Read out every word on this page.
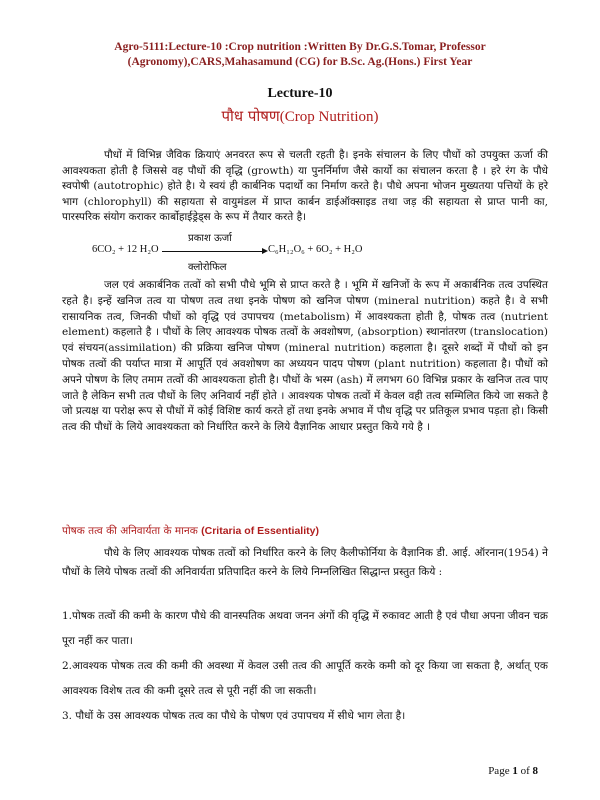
Agro-5111:Lecture-10 :Crop nutrition :Written By Dr.G.S.Tomar, Professor
(Agronomy),CARS,Mahasamund (CG) for B.Sc. Ag.(Hons.) First Year
Lecture-10
पौध पोषण(Crop Nutrition)

पौधों में विभिन्न जैविक क्रियाएं अनवरत रूप से चलती रहती है। इनके संचालन के लिए पौधों को उपयुक्त ऊर्जा की आवश्यकता होती है जिससे वह पौधों की वृद्धि (growth) या पुनर्निर्माण जैसे कार्यो का संचालन करता है । हरे रंग के पौधे स्वपोषी (autotrophic) होते है। ये स्वयं ही कार्बनिक पदार्थो का निर्माण करते है। पौधे अपना भोजन मुख्यतया पत्तियों के हरे भाग (chlorophyll) की सहायता से वायुमंडल में प्राप्त कार्बन डाईऑक्साइड तथा जड़ की सहायता से प्राप्त पानी का, पारस्परिक संयोग कराकर कार्बोहाईड्रेड्स के रूप में तैयार करते है।

प्रकाश ऊर्जा
6CO₂ + 12 H₂O	C₆H₁₂O₆ + 6O₂ + H₂O
क्लोरोफिल

जल एवं अकार्बनिक तत्वों को सभी पौधे भूमि से प्राप्त करते है । भूमि में खनिजों के रूप में अकार्बनिक तत्व उपस्थित रहते है। इन्हें खनिज तत्व या पोषण तत्व तथा इनके पोषण को खनिज पोषण (mineral nutrition) कहते है। वे सभी रासायनिक तत्व, जिनकी पौधों को वृद्धि एवं उपापचय (metabolism) में आवश्यकता होती है, पोषक तत्व (nutrient element) कहलाते है । पौधों के लिए आवश्यक पोषक तत्वों के अवशोषण, (absorption) स्थानांतरण (translocation) एवं संचयन(assimilation) की प्रक्रिया खनिज पोषण (mineral nutrition) कहलाता है। दूसरे शब्दों में पौधों को इन पोषक तत्वों की पर्याप्त मात्रा में आपूर्ति एवं अवशोषण का अध्ययन पादप पोषण (plant nutrition) कहलाता है। पौधों को अपने पोषण के लिए तमाम तत्वों की आवश्यकता होती है। पौधों के भस्म (ash) में लगभग 60 विभिन्न प्रकार के खनिज तत्व पाए जाते है लेकिन सभी तत्व पौधों के लिए अनिवार्य नहीं होते । आवश्यक पोषक तत्वों में केवल वही तत्व सम्मिलित किये जा सकते है जो प्रत्यक्ष या परोक्ष रूप से पौधों में कोई विशिष्ट कार्य करते हों तथा इनके अभाव में पौध वृद्धि पर प्रतिकूल प्रभाव पड़ता हो। किसी तत्व की पौधों के लिये आवश्यकता को निर्धारित करने के लिये वैज्ञानिक आधार प्रस्तुत किये गये है ।

पोषक तत्व की अनिवार्यता के मानक (Critaria of Essentiality)

पौधे के लिए आवश्यक पोषक तत्वों को निर्धारित करने के लिए कैलीफोर्निया के वैज्ञानिक डी. आई. ऑरनान(1954) ने पौधों के लिये पोषक तत्वों की अनिवार्यता प्रतिपादित करने के लिये निम्नलिखित सिद्धान्त प्रस्तुत किये :

1.पोषक तत्वों की कमी के कारण पौधे की वानस्पतिक अथवा जनन अंगों की वृद्धि में रुकावट आती है एवं पौधा अपना जीवन चक्र पूरा नहीं कर पाता।

2.आवश्यक पोषक तत्व की कमी की अवस्था में केवल उसी तत्व की आपूर्ति करके कमी को दूर किया जा सकता है, अर्थात् एक आवश्यक विशेष तत्व की कमी दूसरे तत्व से पूरी नहीं की जा सकती।

3. पौधों के उस आवश्यक पोषक तत्व का पौधे के पोषण एवं उपापचय में सीधे भाग लेता है।

Page 1 of 8
